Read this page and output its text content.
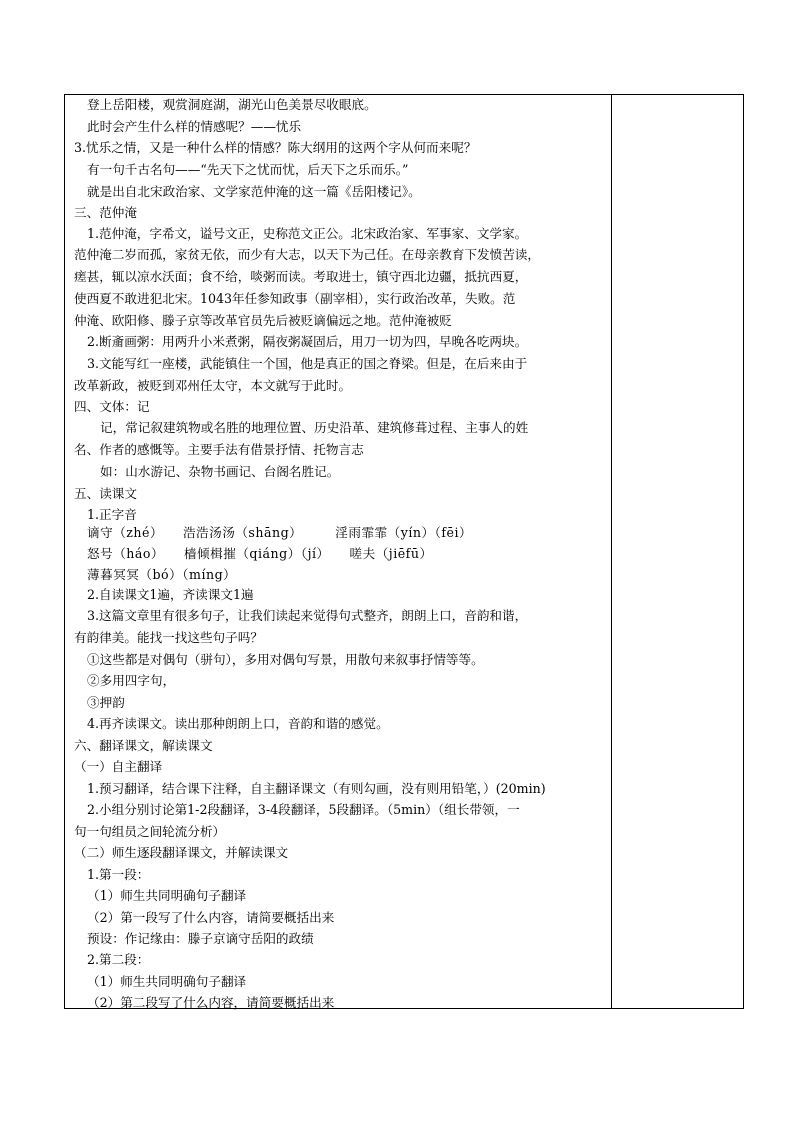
登上岳阳楼，观赏洞庭湖，湖光山色美景尽收眼底。
此时会产生什么样的情感呢？——忧乐
3.忧乐之情，又是一种什么样的情感？陈大纲用的这两个字从何而来呢？
有一句千古名句——“先天下之忧而忧，后天下之乐而乐。”
就是出自北宋政治家、文学家范仲淹的这一篇《岳阳楼记》。
三、范仲淹
1.范仲淹，字希文，谥号文正，史称范文正公。北宋政治家、军事家、文学家。
范仲淹二岁而孤，家贫无依，而少有大志，以天下为己任。在母亲教育下发愤苦读，
瘥甚，辄以凉水沃面；食不给，啖粥而读。考取进士，镇守西北边疆，抵抗西夏，
使西夏不敢进犯北宋。1043年任参知政事（副宰相），实行政治改革，失败。范
仲淹、欧阳修、滕子京等改革官员先后被贬谪偏远之地。范仲淹被贬
2.断齑画粥：用两升小米煮粥，隔夜粥凝固后，用刀一切为四，早晚各吃两块。
3.文能写红一座楼，武能镇住一个国，他是真正的国之脊梁。但是，在后来由于
改革新政，被贬到邓州任太守，本文就写于此时。
四、文体：记
记，常记叙建筑物或名胜的地理位置、历史沿革、建筑修葺过程、主事人的姓
名、作者的感慨等。主要手法有借景抒情、托物言志
如：山水游记、杂物书画记、台阁名胜记。
五、读课文
1.正字音
谪守（zhé）　　浩浩汤汤（shāng）　　　淫雨霏霏（yín）（fēi）
怒号（háo）　　樯倾楫摧（qiáng）（jí）　　嗟夫（jiēfū）
薄暮冥冥（bó）（míng）
2.自读课文1遍，齐读课文1遍
3.这篇文章里有很多句子，让我们读起来觉得句式整齐，朗朗上口，音韵和谐，
有韵律美。能找一找这些句子吗？
①这些都是对偶句（骈句），多用对偶句写景，用散句来叙事抒情等等。
②多用四字句，
③押韵
4.再齐读课文。读出那种朗朗上口，音韵和谐的感觉。
六、翻译课文，解读课文
（一）自主翻译
1.预习翻译，结合课下注释，自主翻译课文（有则勾画，没有则用铅笔，）(20min)
2.小组分别讨论第1-2段翻译，3-4段翻译，5段翻译。（5min）（组长带领，一
句一句组员之间轮流分析）
（二）师生逐段翻译课文，并解读课文
1.第一段：
（1）师生共同明确句子翻译
（2）第一段写了什么内容，请简要概括出来
预设：作记缘由：滕子京谪守岳阳的政绩
2.第二段：
（1）师生共同明确句子翻译
（2）第二段写了什么内容，请简要概括出来
